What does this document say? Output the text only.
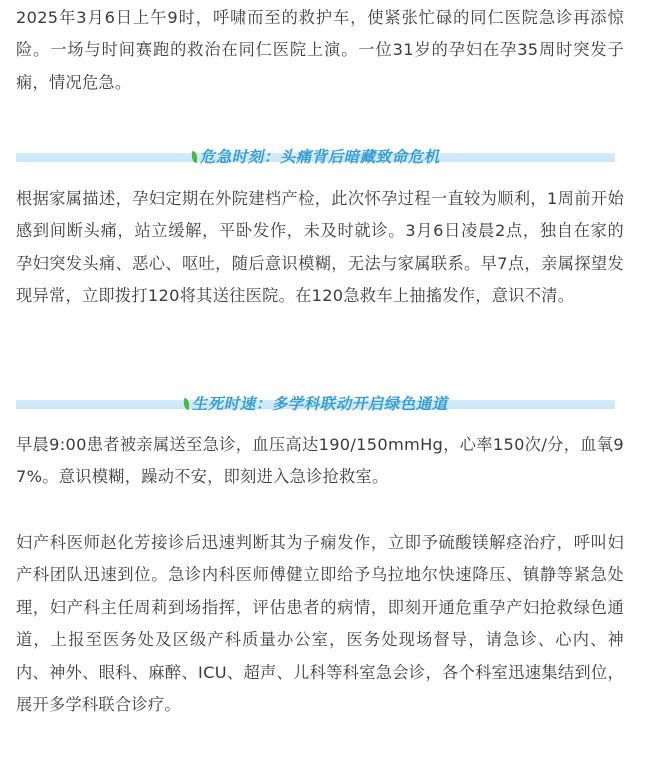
2025年3月6日上午9时，呼啸而至的救护车，使紧张忙碌的同仁医院急诊再添惊险。一场与时间赛跑的救治在同仁医院上演。一位31岁的孕妇在孕35周时突发子痫，情况危急。

危急时刻：头痛背后暗藏致命危机

根据家属描述，孕妇定期在外院建档产检，此次怀孕过程一直较为顺利，1周前开始感到间断头痛，站立缓解，平卧发作，未及时就诊。3月6日凌晨2点，独自在家的孕妇突发头痛、恶心、呕吐，随后意识模糊，无法与家属联系。早7点，亲属探望发现异常，立即拨打120将其送往医院。在120急救车上抽搐发作，意识不清。

生死时速：多学科联动开启绿色通道

早晨9:00患者被亲属送至急诊，血压高达190/150mmHg，心率150次/分，血氧97%。意识模糊，躁动不安，即刻进入急诊抢救室。

妇产科医师赵化芳接诊后迅速判断其为子痫发作，立即予硫酸镁解痉治疗，呼叫妇产科团队迅速到位。急诊内科医师傅健立即给予乌拉地尔快速降压、镇静等紧急处理，妇产科主任周莉到场指挥，评估患者的病情，即刻开通危重孕产妇抢救绿色通道，上报至医务处及区级产科质量办公室，医务处现场督导，请急诊、心内、神内、神外、眼科、麻醉、ICU、超声、儿科等科室急会诊，各个科室迅速集结到位，展开多学科联合诊疗。
